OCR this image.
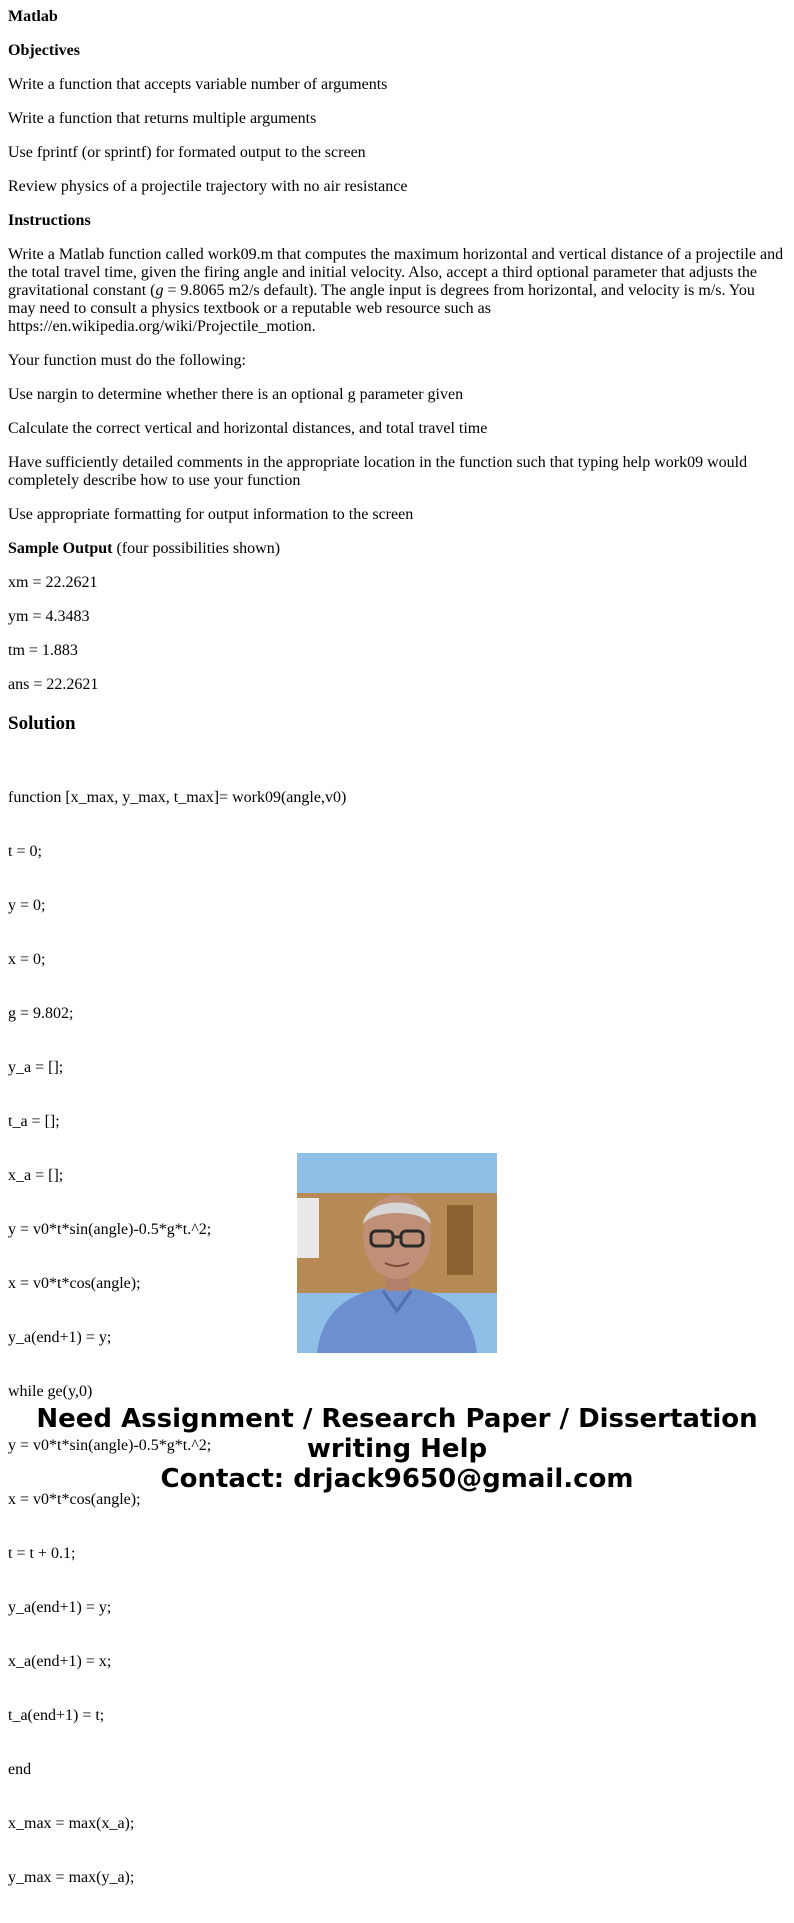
Matlab
Objectives
Write a function that accepts variable number of arguments
Write a function that returns multiple arguments
Use fprintf (or sprintf) for formated output to the screen
Review physics of a projectile trajectory with no air resistance
Instructions
Write a Matlab function called work09.m that computes the maximum horizontal and vertical distance of a projectile and the total travel time, given the firing angle and initial velocity. Also, accept a third optional parameter that adjusts the gravitational constant (g = 9.8065 m2/s default). The angle input is degrees from horizontal, and velocity is m/s. You may need to consult a physics textbook or a reputable web resource such as https://en.wikipedia.org/wiki/Projectile_motion.
Your function must do the following:
Use nargin to determine whether there is an optional g parameter given
Calculate the correct vertical and horizontal distances, and total travel time
Have sufficiently detailed comments in the appropriate location in the function such that typing help work09 would completely describe how to use your function
Use appropriate formatting for output information to the screen
Sample Output (four possibilities shown)
xm = 22.2621
ym = 4.3483
tm = 1.883
ans = 22.2621
Solution

function [x_max, y_max, t_max]= work09(angle,v0)

t = 0;

y = 0;

x = 0;

g = 9.802;

y_a = [];

t_a = [];

x_a = [];

y = v0*t*sin(angle)-0.5*g*t.^2;

x = v0*t*cos(angle);

y_a(end+1) = y;

while ge(y,0)

y = v0*t*sin(angle)-0.5*g*t.^2;

x = v0*t*cos(angle);

t = t + 0.1;

y_a(end+1) = y;

x_a(end+1) = x;

t_a(end+1) = t;

end

x_max = max(x_a);

y_max = max(y_a);

Need Assignment / Research Paper / Dissertation
writing Help
Contact: drjack9650@gmail.com
